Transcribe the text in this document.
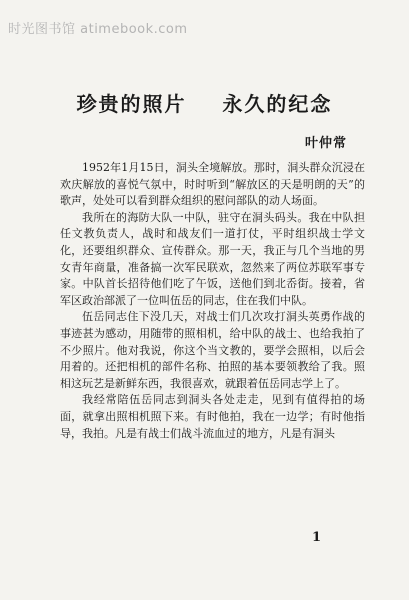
时光图书馆 atimebook.com
珍贵的照片    永久的纪念
叶仲常

1952年1月15日，洞头全境解放。那时，洞头群众沉浸在欢庆解放的喜悦气氛中，时时听到“解放区的天是明朗的天”的歌声，处处可以看到群众组织的慰问部队的动人场面。

我所在的海防大队一中队，驻守在洞头码头。我在中队担任文教负责人，战时和战友们一道打仗，平时组织战士学文化，还要组织群众、宣传群众。那一天，我正与几个当地的男女青年商量，准备搞一次军民联欢，忽然来了两位苏联军事专家。中队首长招待他们吃了午饭，送他们到北岙街。接着，省军区政治部派了一位叫伍岳的同志，住在我们中队。

伍岳同志住下没几天，对战士们几次攻打洞头英勇作战的事迹甚为感动，用随带的照相机，给中队的战士、也给我拍了不少照片。他对我说，你这个当文教的，要学会照相，以后会用着的。还把相机的部件名称、拍照的基本要领教给了我。照相这玩艺是新鲜东西，我很喜欢，就跟着伍岳同志学上了。

我经常陪伍岳同志到洞头各处走走，见到有值得拍的场面，就拿出照相机照下来。有时他拍，我在一边学；有时他指导，我拍。凡是有战士们战斗流血过的地方，凡是有洞头

1
